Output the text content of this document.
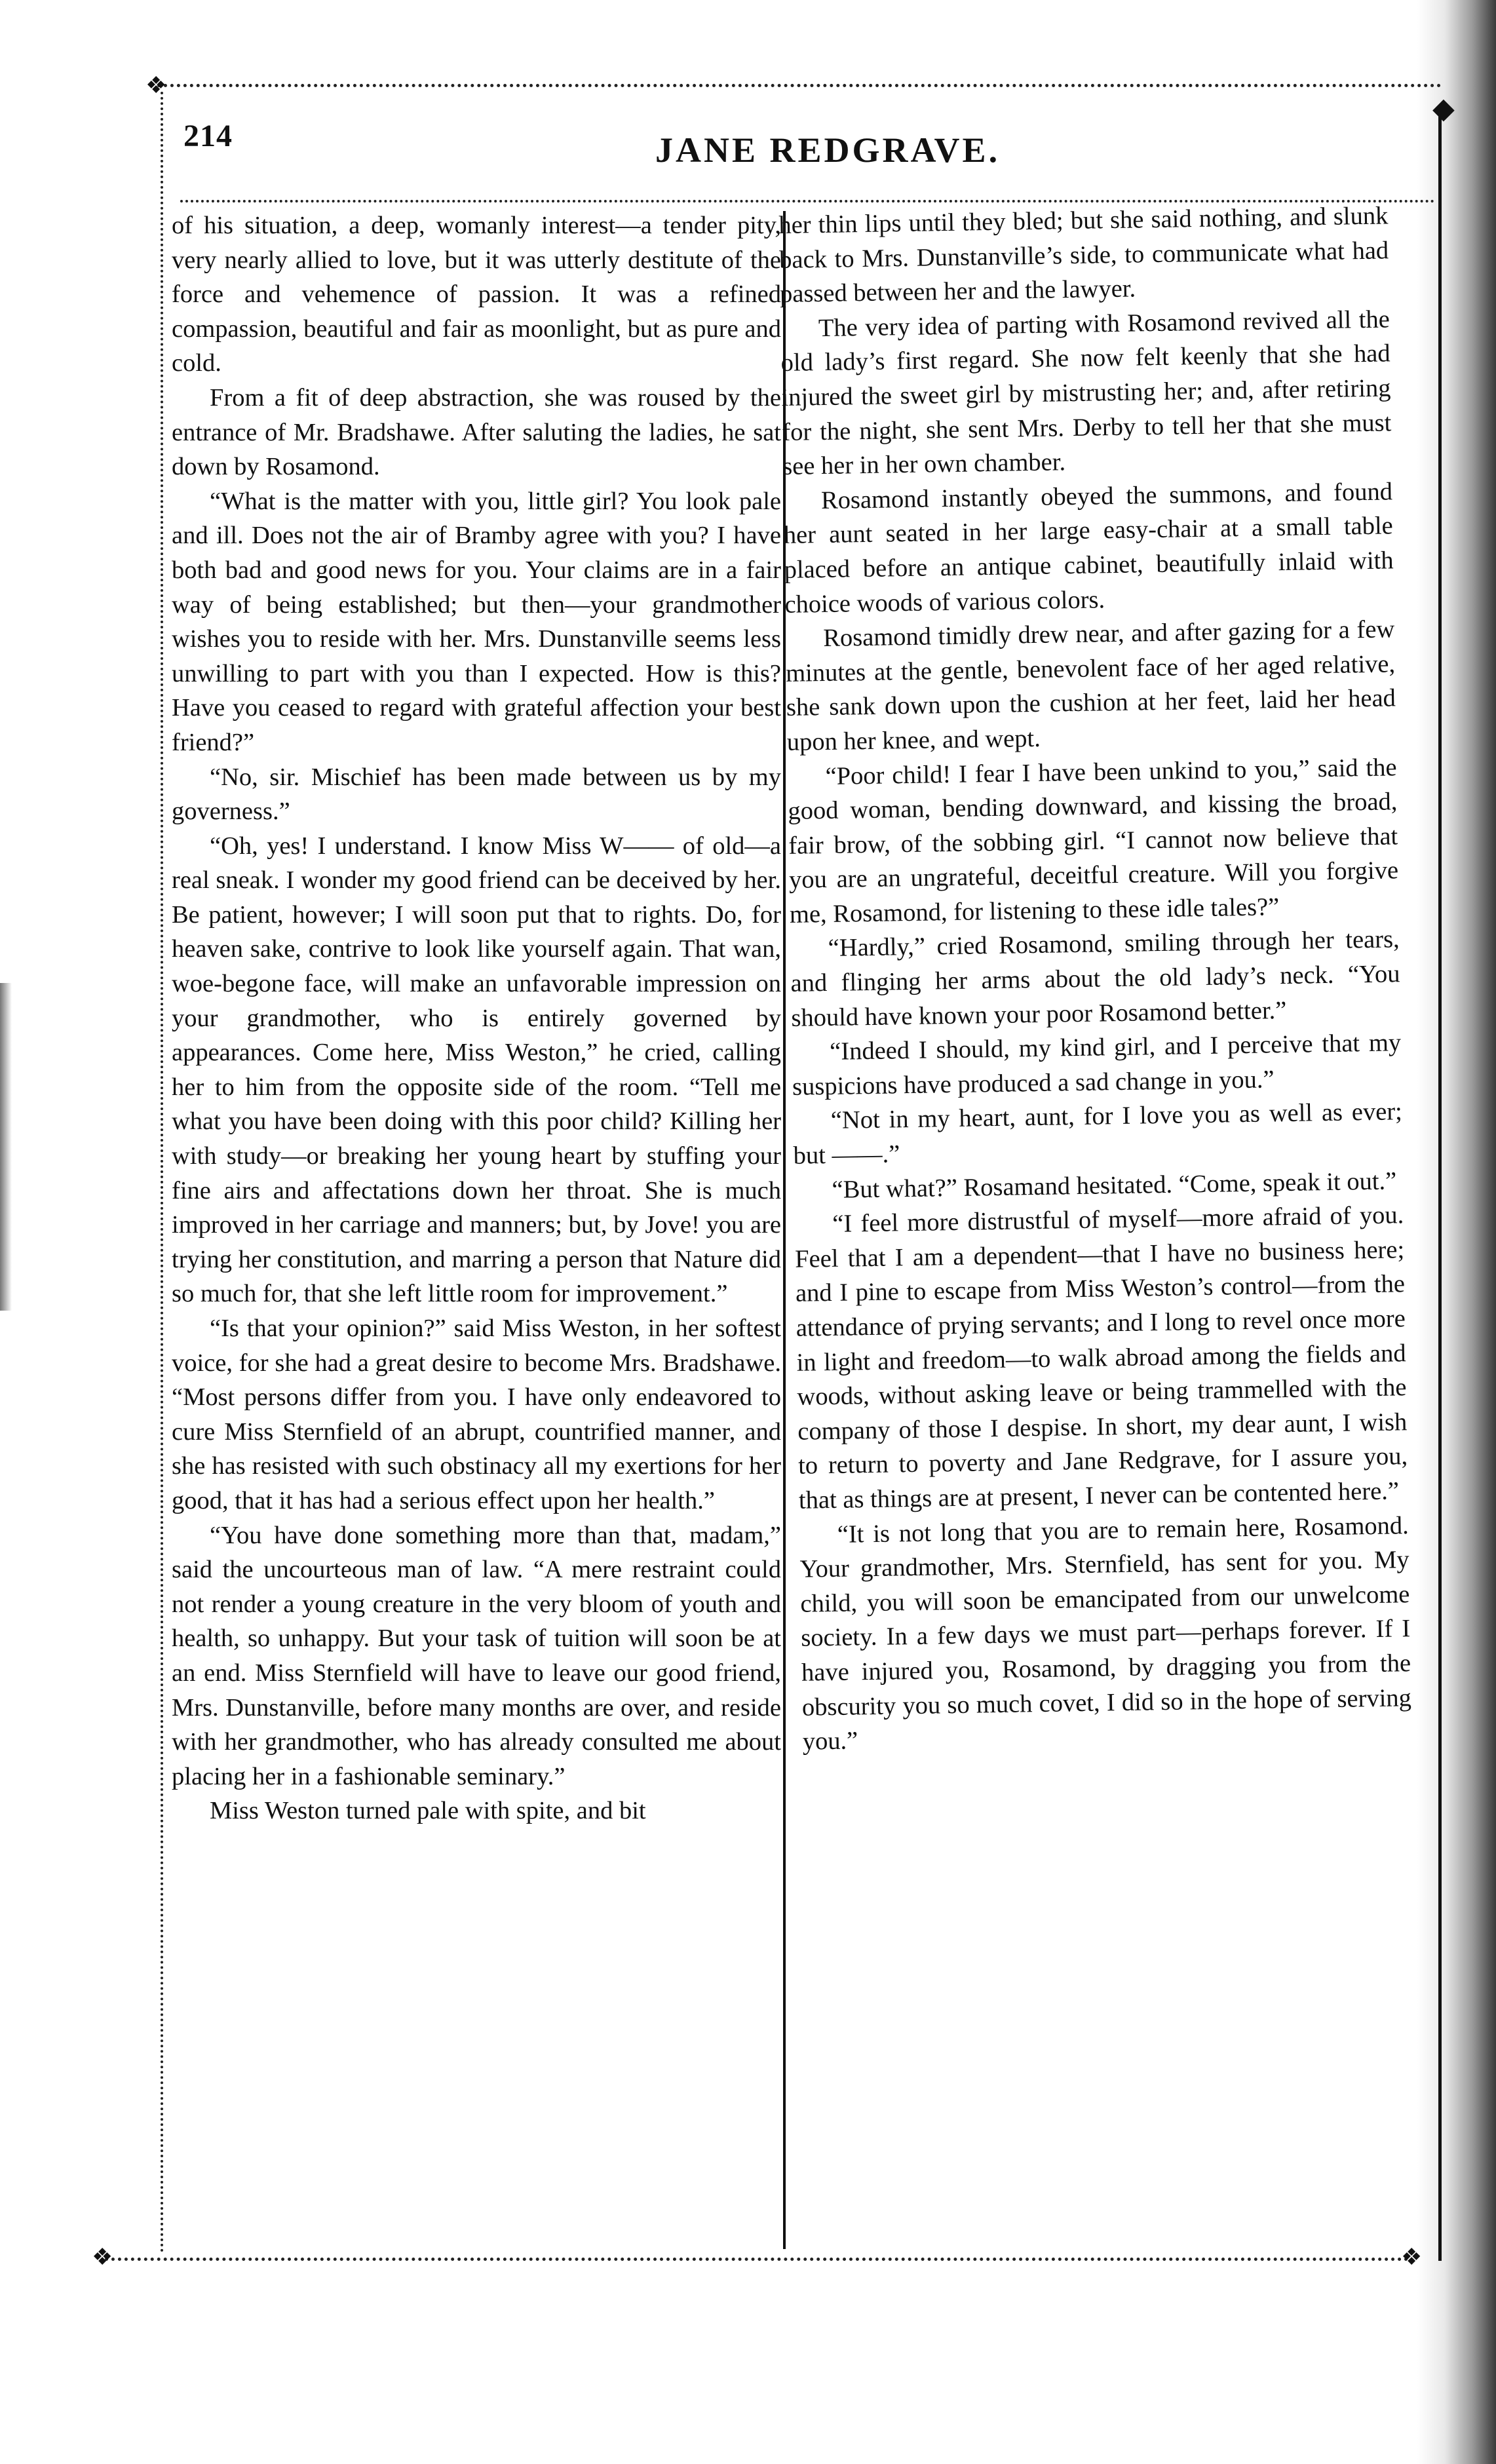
❖
❖	❖
◆
214	JANE REDGRAVE.

of his situation, a deep, womanly interest—a tender pity, very nearly allied to love, but it was utterly destitute of the force and vehemence of passion. It was a refined compassion, beautiful and fair as moonlight, but as pure and cold.

From a fit of deep abstraction, she was roused by the entrance of Mr. Bradshawe. After saluting the ladies, he sat down by Rosamond.

“What is the matter with you, little girl? You look pale and ill. Does not the air of Bramby agree with you? I have both bad and good news for you. Your claims are in a fair way of being established; but then—your grandmother wishes you to reside with her. Mrs. Dunstanville seems less unwilling to part with you than I expected. How is this? Have you ceased to regard with grateful affection your best friend?”

“No, sir. Mischief has been made between us by my governess.”

“Oh, yes! I understand. I know Miss W—— of old—a real sneak. I wonder my good friend can be deceived by her. Be patient, however; I will soon put that to rights. Do, for heaven sake, contrive to look like yourself again. That wan, woe-begone face, will make an unfavorable impression on your grandmother, who is entirely governed by appearances. Come here, Miss Weston,” he cried, calling her to him from the opposite side of the room. “Tell me what you have been doing with this poor child? Killing her with study—or breaking her young heart by stuffing your fine airs and affectations down her throat. She is much improved in her carriage and manners; but, by Jove! you are trying her constitution, and marring a person that Nature did so much for, that she left little room for improvement.”

“Is that your opinion?” said Miss Weston, in her softest voice, for she had a great desire to become Mrs. Bradshawe. “Most persons differ from you. I have only endeavored to cure Miss Sternfield of an abrupt, countrified manner, and she has resisted with such obstinacy all my exertions for her good, that it has had a serious effect upon her health.”

“You have done something more than that, madam,” said the uncourteous man of law. “A mere restraint could not render a young creature in the very bloom of youth and health, so unhappy. But your task of tuition will soon be at an end. Miss Sternfield will have to leave our good friend, Mrs. Dunstanville, before many months are over, and reside with her grandmother, who has already consulted me about placing her in a fashionable seminary.”

Miss Weston turned pale with spite, and bit

her thin lips until they bled; but she said nothing, and slunk back to Mrs. Dunstanville’s side, to communicate what had passed between her and the lawyer.

The very idea of parting with Rosamond revived all the old lady’s first regard. She now felt keenly that she had injured the sweet girl by mistrusting her; and, after retiring for the night, she sent Mrs. Derby to tell her that she must see her in her own chamber.

Rosamond instantly obeyed the summons, and found her aunt seated in her large easy-chair at a small table placed before an antique cabinet, beautifully inlaid with choice woods of various colors.

Rosamond timidly drew near, and after gazing for a few minutes at the gentle, benevolent face of her aged relative, she sank down upon the cushion at her feet, laid her head upon her knee, and wept.

“Poor child! I fear I have been unkind to you,” said the good woman, bending downward, and kissing the broad, fair brow, of the sobbing girl. “I cannot now believe that you are an ungrateful, deceitful creature. Will you forgive me, Rosamond, for listening to these idle tales?”

“Hardly,” cried Rosamond, smiling through her tears, and flinging her arms about the old lady’s neck. “You should have known your poor Rosamond better.”

“Indeed I should, my kind girl, and I perceive that my suspicions have produced a sad change in you.”

“Not in my heart, aunt, for I love you as well as ever; but ——.”

“But what?” Rosamand hesitated. “Come, speak it out.”

“I feel more distrustful of myself—more afraid of you. Feel that I am a dependent—that I have no business here; and I pine to escape from Miss Weston’s control—from the attendance of prying servants; and I long to revel once more in light and freedom—to walk abroad among the fields and woods, without asking leave or being trammelled with the company of those I despise. In short, my dear aunt, I wish to return to poverty and Jane Redgrave, for I assure you, that as things are at present, I never can be contented here.”

“It is not long that you are to remain here, Rosamond. Your grandmother, Mrs. Sternfield, has sent for you. My child, you will soon be emancipated from our unwelcome society. In a few days we must part—perhaps forever. If I have injured you, Rosamond, by dragging you from the obscurity you so much covet, I did so in the hope of serving you.”
